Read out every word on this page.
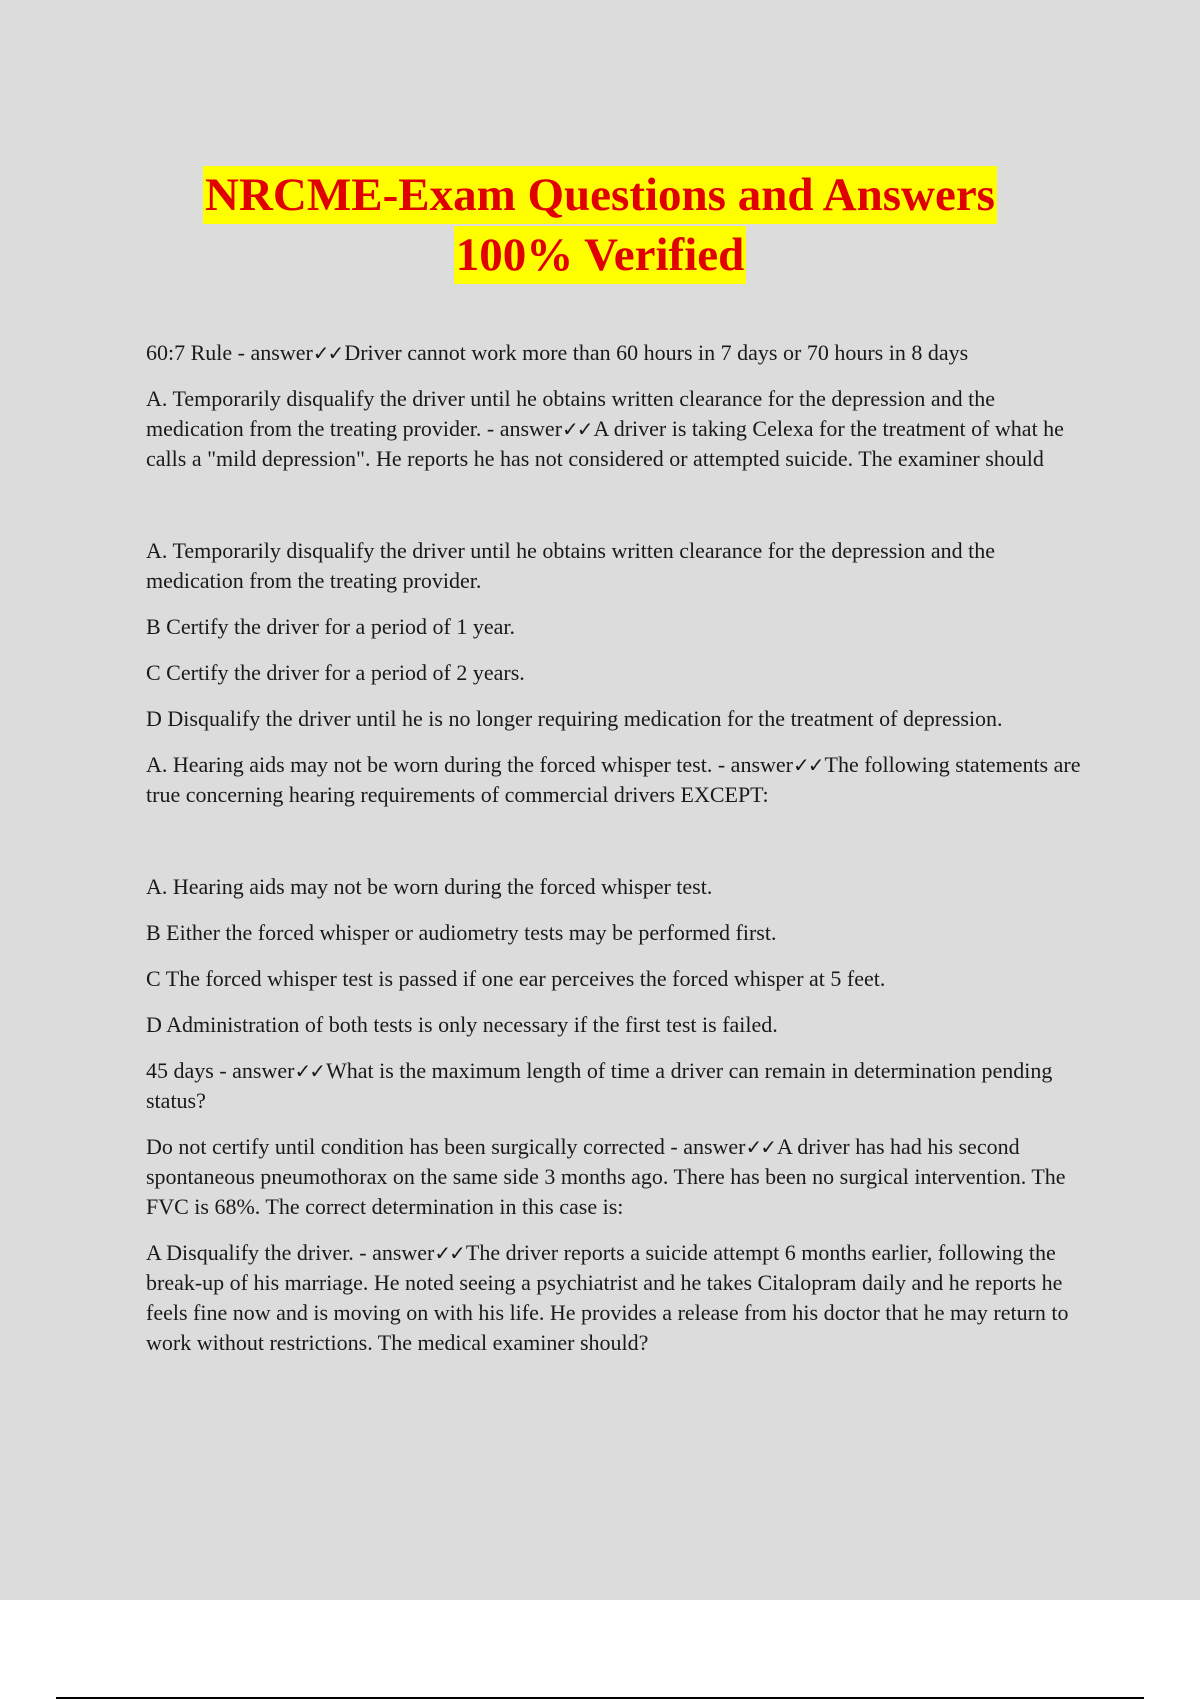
NRCME-Exam Questions and Answers
100% Verified

60:7 Rule - answer✓✓Driver cannot work more than 60 hours in 7 days or 70 hours in 8 days

A. Temporarily disqualify the driver until he obtains written clearance for the depression and the medication from the treating provider. - answer✓✓A driver is taking Celexa for the treatment of what he calls a "mild depression". He reports he has not considered or attempted suicide. The examiner should

A. Temporarily disqualify the driver until he obtains written clearance for the depression and the medication from the treating provider.

B Certify the driver for a period of 1 year.

C Certify the driver for a period of 2 years.

D Disqualify the driver until he is no longer requiring medication for the treatment of depression.

A. Hearing aids may not be worn during the forced whisper test. - answer✓✓The following statements are true concerning hearing requirements of commercial drivers EXCEPT:

A. Hearing aids may not be worn during the forced whisper test.

B Either the forced whisper or audiometry tests may be performed first.

C The forced whisper test is passed if one ear perceives the forced whisper at 5 feet.

D Administration of both tests is only necessary if the first test is failed.

45 days - answer✓✓What is the maximum length of time a driver can remain in determination pending status?

Do not certify until condition has been surgically corrected - answer✓✓A driver has had his second spontaneous pneumothorax on the same side 3 months ago. There has been no surgical intervention. The FVC is 68%. The correct determination in this case is:

A Disqualify the driver. - answer✓✓The driver reports a suicide attempt 6 months earlier, following the break-up of his marriage. He noted seeing a psychiatrist and he takes Citalopram daily and he reports he feels fine now and is moving on with his life. He provides a release from his doctor that he may return to work without restrictions. The medical examiner should?
